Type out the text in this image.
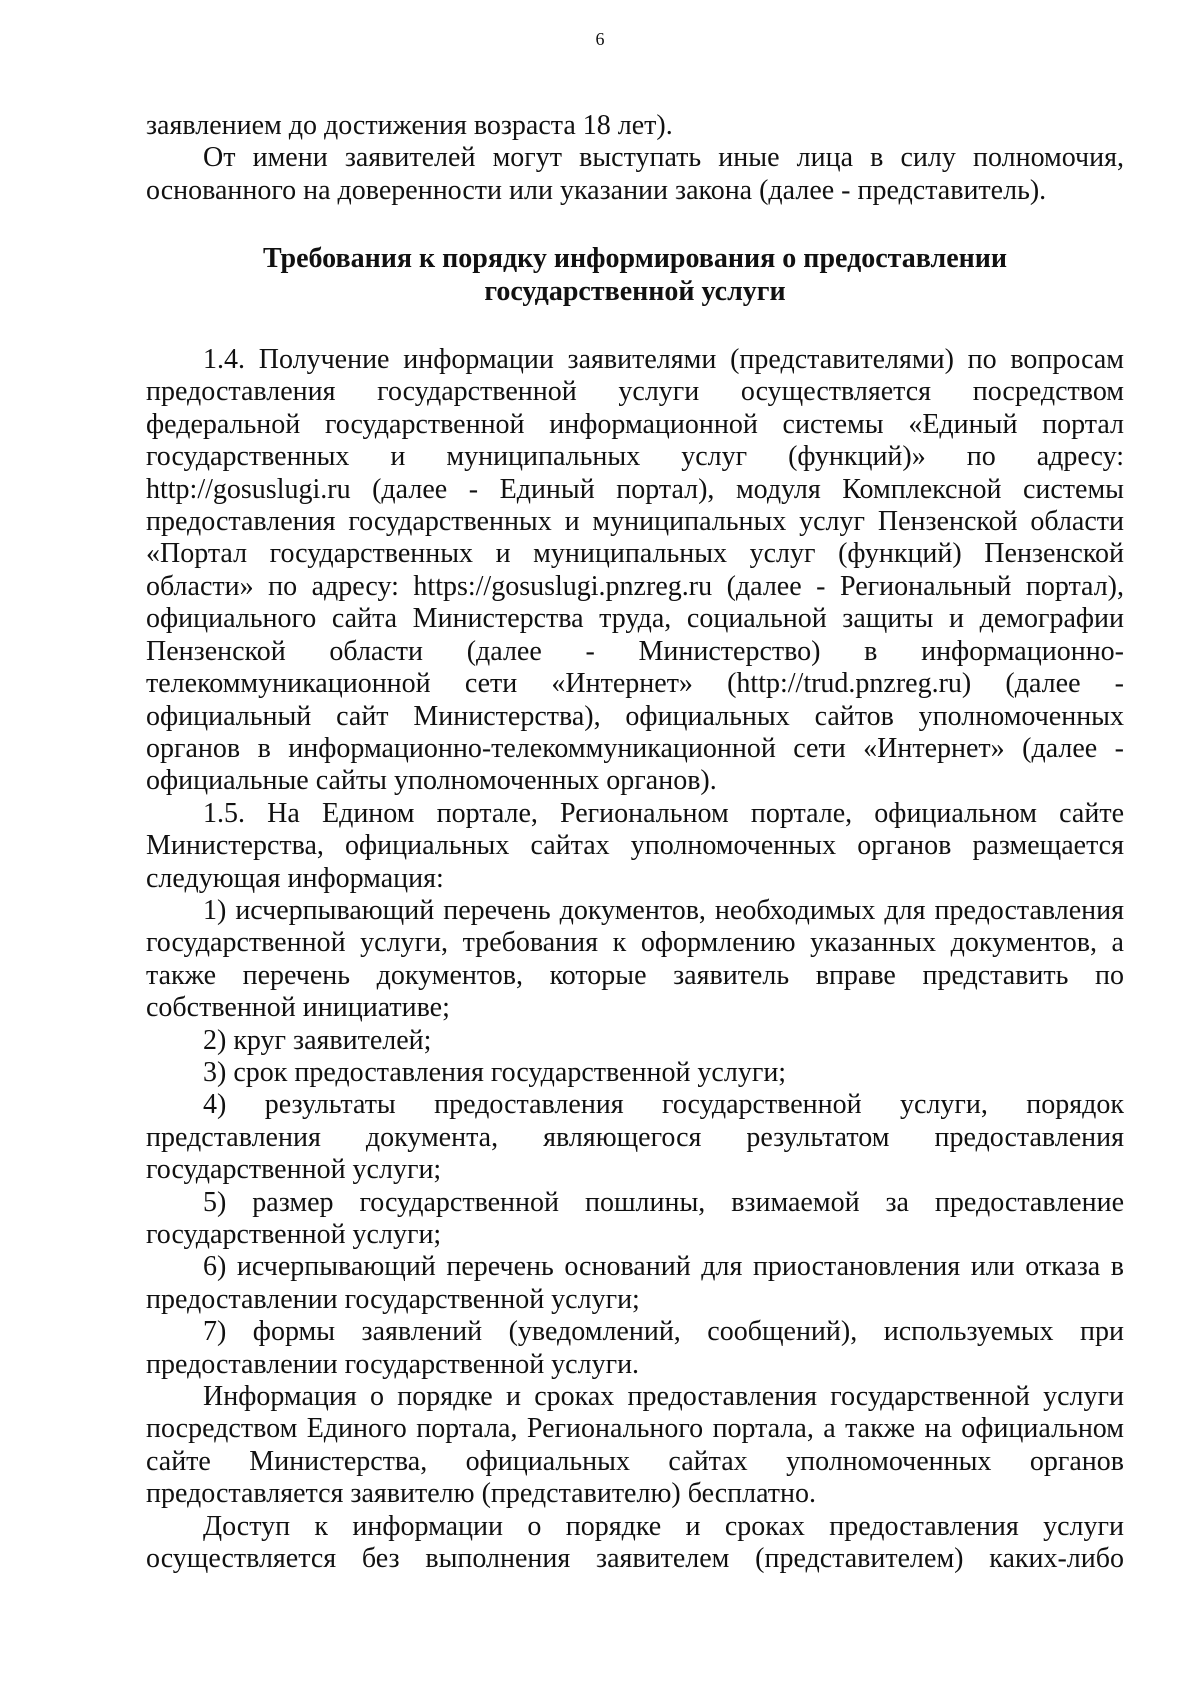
6

заявлением до достижения возраста 18 лет).

От имени заявителей могут выступать иные лица в силу полномочия, основанного на доверенности или указании закона (далее - представитель).

Требования к порядку информирования о предоставлении
государственной услуги

1.4. Получение информации заявителями (представителями) по вопросам предоставления государственной услуги осуществляется посредством федеральной государственной информационной системы «Единый портал государственных и муниципальных услуг (функций)» по адресу: http://gosuslugi.ru (далее - Единый портал), модуля Комплексной системы предоставления государственных и муниципальных услуг Пензенской области «Портал государственных и муниципальных услуг (функций) Пензенской области» по адресу: https://gosuslugi.pnzreg.ru (далее - Региональный портал), официального сайта Министерства труда, социальной защиты и демографии Пензенской области (далее - Министерство) в информационно-телекоммуникационной сети «Интернет» (http://trud.pnzreg.ru) (далее - официальный сайт Министерства), официальных сайтов уполномоченных органов в информационно-телекоммуникационной сети «Интернет» (далее - официальные сайты уполномоченных органов).

1.5. На Едином портале, Региональном портале, официальном сайте Министерства, официальных сайтах уполномоченных органов размещается следующая информация:

1) исчерпывающий перечень документов, необходимых для предоставления государственной услуги, требования к оформлению указанных документов, а также перечень документов, которые заявитель вправе представить по собственной инициативе;

2) круг заявителей;

3) срок предоставления государственной услуги;

4) результаты предоставления государственной услуги, порядок представления документа, являющегося результатом предоставления государственной услуги;

5) размер государственной пошлины, взимаемой за предоставление государственной услуги;

6) исчерпывающий перечень оснований для приостановления или отказа в предоставлении государственной услуги;

7) формы заявлений (уведомлений, сообщений), используемых при предоставлении государственной услуги.

Информация о порядке и сроках предоставления государственной услуги посредством Единого портала, Регионального портала, а также на официальном сайте Министерства, официальных сайтах уполномоченных органов предоставляется заявителю (представителю) бесплатно.

Доступ к информации о порядке и сроках предоставления услуги осуществляется без выполнения заявителем (представителем) каких-либо
